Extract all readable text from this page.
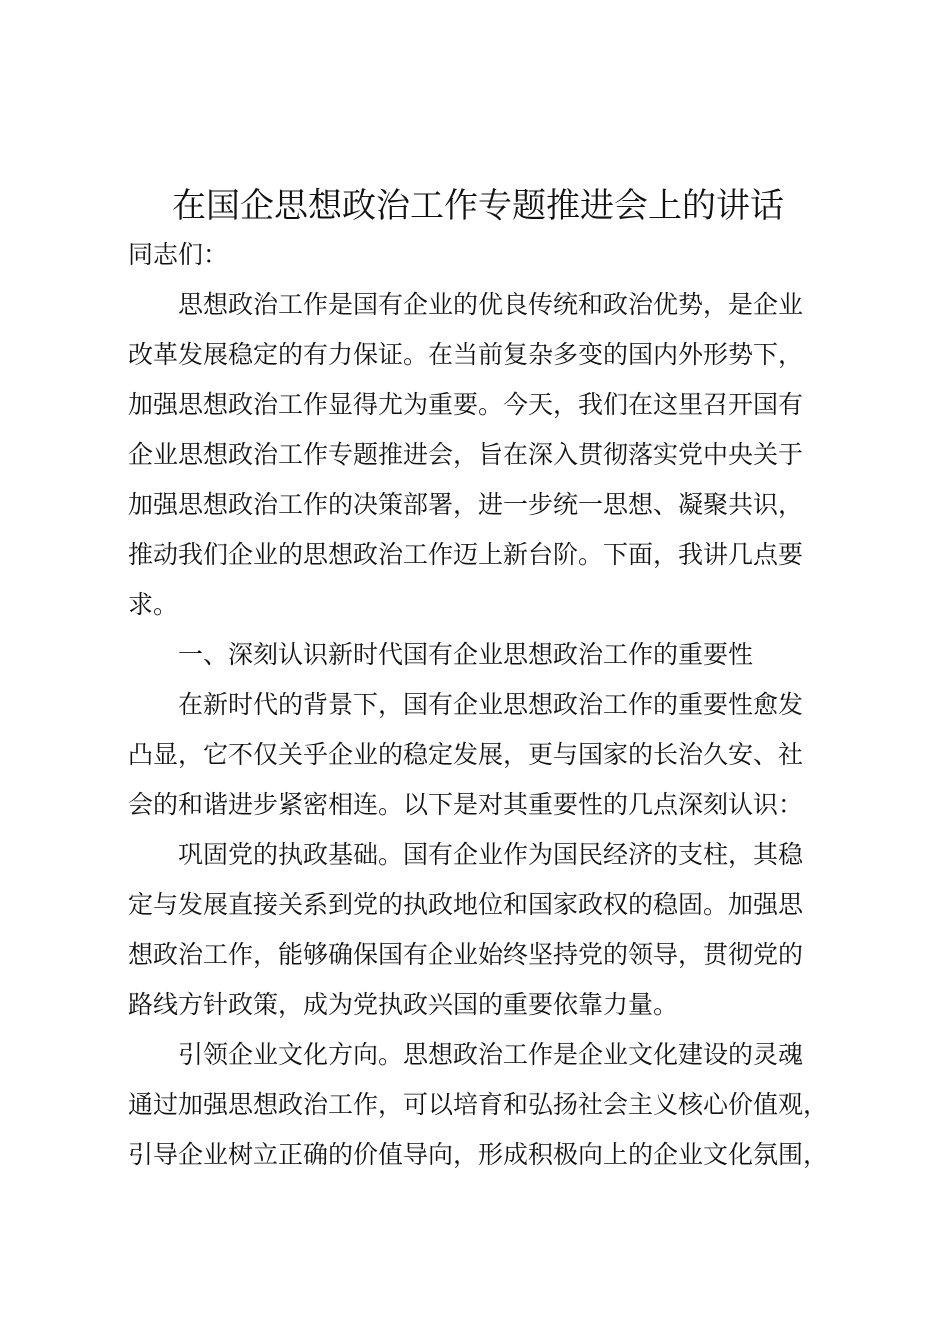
在国企思想政治工作专题推进会上的讲话
同志们：
思想政治工作是国有企业的优良传统和政治优势，是企业
改革发展稳定的有力保证。在当前复杂多变的国内外形势下，
加强思想政治工作显得尤为重要。今天，我们在这里召开国有
企业思想政治工作专题推进会，旨在深入贯彻落实党中央关于
加强思想政治工作的决策部署，进一步统一思想、凝聚共识，
推动我们企业的思想政治工作迈上新台阶。下面，我讲几点要
求。
一、深刻认识新时代国有企业思想政治工作的重要性
在新时代的背景下，国有企业思想政治工作的重要性愈发
凸显，它不仅关乎企业的稳定发展，更与国家的长治久安、社
会的和谐进步紧密相连。以下是对其重要性的几点深刻认识：
巩固党的执政基础。国有企业作为国民经济的支柱，其稳
定与发展直接关系到党的执政地位和国家政权的稳固。加强思
想政治工作，能够确保国有企业始终坚持党的领导，贯彻党的
路线方针政策，成为党执政兴国的重要依靠力量。
引领企业文化方向。思想政治工作是企业文化建设的灵魂
通过加强思想政治工作，可以培育和弘扬社会主义核心价值观，
引导企业树立正确的价值导向，形成积极向上的企业文化氛围，
